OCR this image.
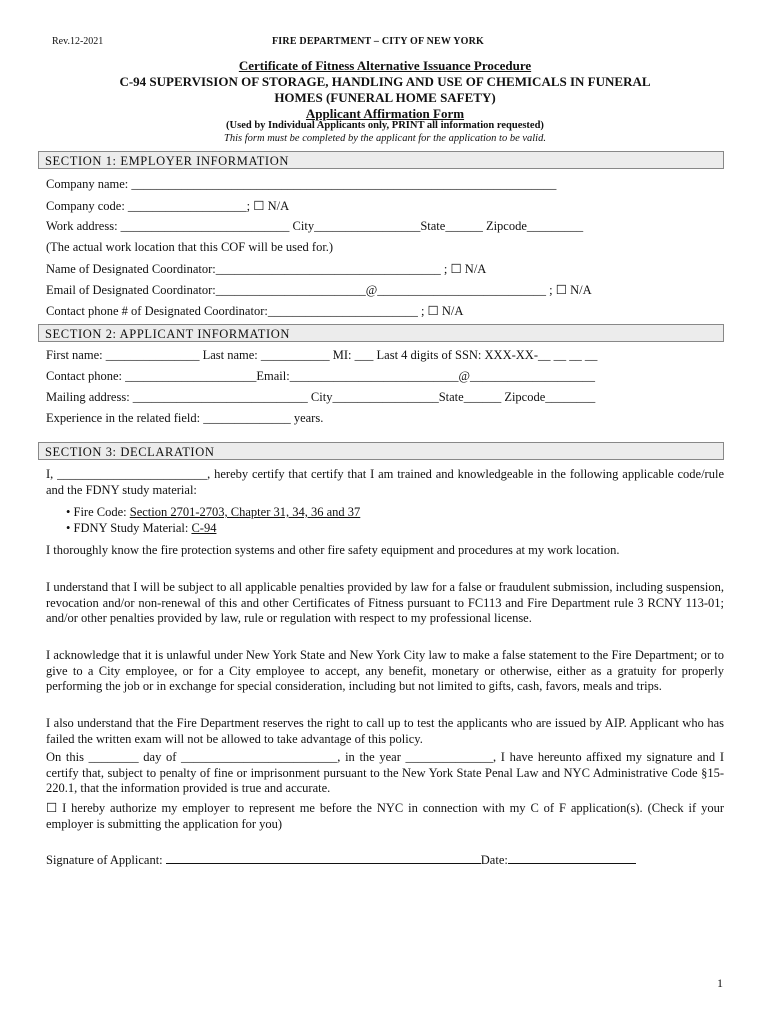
Rev.12-2021	FIRE DEPARTMENT – CITY OF NEW YORK
Certificate of Fitness Alternative Issuance Procedure
C-94 SUPERVISION OF STORAGE, HANDLING AND USE OF CHEMICALS IN FUNERAL
HOMES (FUNERAL HOME SAFETY)
Applicant Affirmation Form
(Used by Individual Applicants only, PRINT all information requested)
This form must be completed by the applicant for the application to be valid.
SECTION 1: EMPLOYER INFORMATION
Company name: ____________________________________________________________________
Company code: ___________________; ☐ N/A
Work address: ___________________________ City_________________State______ Zipcode_________
(The actual work location that this COF will be used for.)
Name of Designated Coordinator:____________________________________ ; ☐ N/A
Email of Designated Coordinator:________________________@___________________________ ; ☐ N/A
Contact phone # of Designated Coordinator:________________________ ; ☐ N/A
SECTION 2: APPLICANT INFORMATION
First name: _______________ Last name: ___________ MI: ___ Last 4 digits of SSN: XXX-XX-__ __ __ __
Contact phone: _____________________Email:___________________________@____________________
Mailing address: ____________________________ City_________________State______ Zipcode________
Experience in the related field: ______________ years.
SECTION 3: DECLARATION
I, ________________________, hereby certify that certify that I am trained and knowledgeable in the following applicable code/rule and the FDNY study material:
• Fire Code: Section 2701-2703, Chapter 31, 34, 36 and 37
• FDNY Study Material: C-94
I thoroughly know the fire protection systems and other fire safety equipment and procedures at my work location.
I understand that I will be subject to all applicable penalties provided by law for a false or fraudulent submission, including suspension, revocation and/or non-renewal of this and other Certificates of Fitness pursuant to FC113 and Fire Department rule 3 RCNY 113-01; and/or other penalties provided by law, rule or regulation with respect to my professional license.
I acknowledge that it is unlawful under New York State and New York City law to make a false statement to the Fire Department; or to give to a City employee, or for a City employee to accept, any benefit, monetary or otherwise, either as a gratuity for properly performing the job or in exchange for special consideration, including but not limited to gifts, cash, favors, meals and trips.
I also understand that the Fire Department reserves the right to call up to test the applicants who are issued by AIP. Applicant who has failed the written exam will not be allowed to take advantage of this policy.
On this ________ day of _________________________, in the year ______________, I have hereunto affixed my signature and I certify that, subject to penalty of fine or imprisonment pursuant to the New York State Penal Law and NYC Administrative Code §15-220.1, that the information provided is true and accurate.
☐ I hereby authorize my employer to represent me before the NYC in connection with my C of F application(s). (Check if your employer is submitting the application for you)
Signature of Applicant:	Date:
1
